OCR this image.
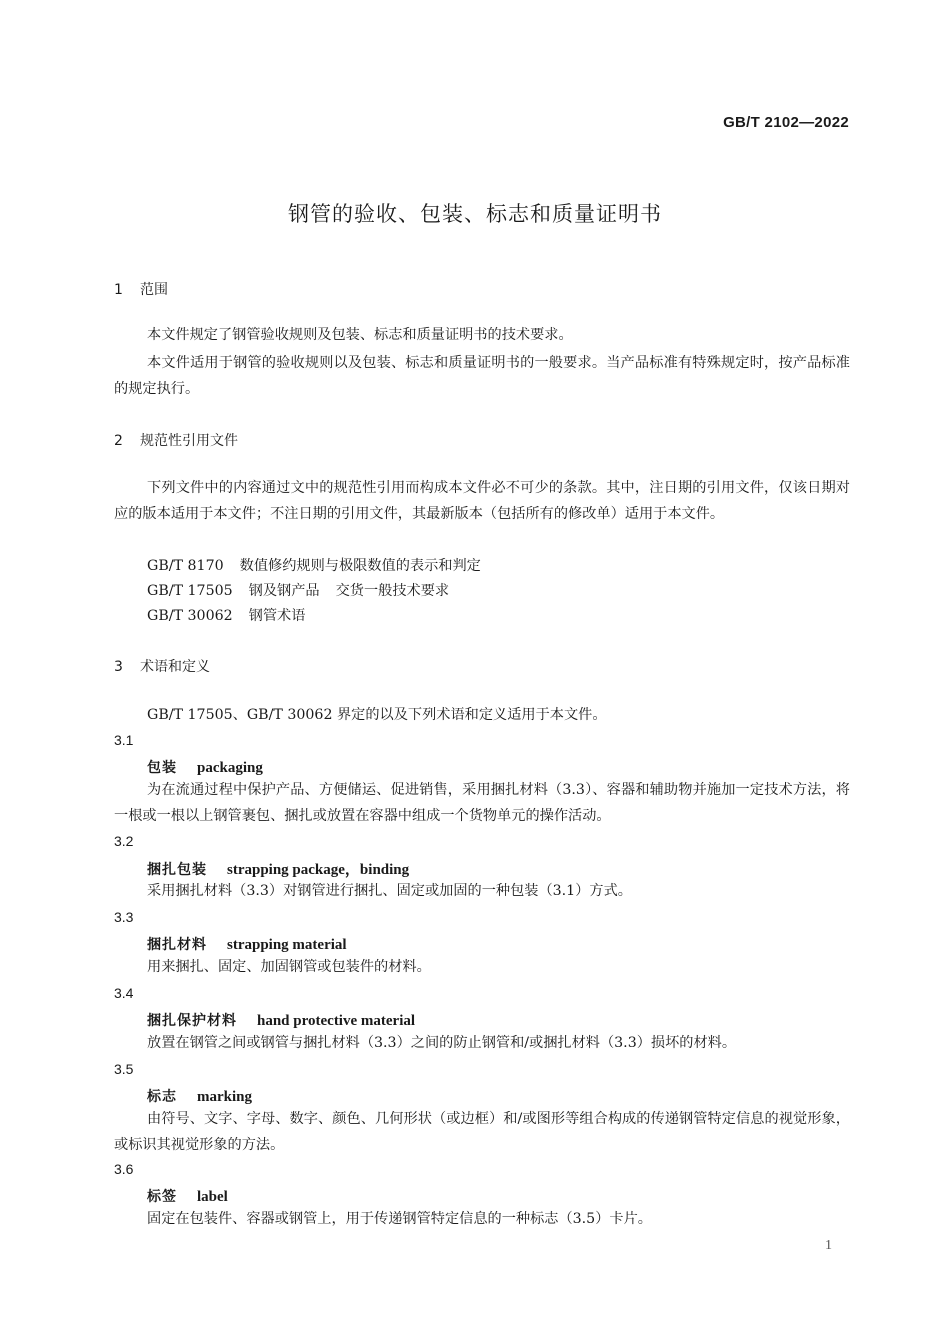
GB/T 2102—2022
钢管的验收、包装、标志和质量证明书
1 范围

本文件规定了钢管验收规则及包装、标志和质量证明书的技术要求。

本文件适用于钢管的验收规则以及包装、标志和质量证明书的一般要求。当产品标准有特殊规定时，按产品标准的规定执行。

2 规范性引用文件

下列文件中的内容通过文中的规范性引用而构成本文件必不可少的条款。其中，注日期的引用文件，仅该日期对应的版本适用于本文件；不注日期的引用文件，其最新版本（包括所有的修改单）适用于本文件。

GB/T 8170 数值修约规则与极限数值的表示和判定
GB/T 17505 钢及钢产品 交货一般技术要求
GB/T 30062 钢管术语
3 术语和定义

GB/T 17505、GB/T 30062 界定的以及下列术语和定义适用于本文件。

3.1
包装 packaging

为在流通过程中保护产品、方便储运、促进销售，采用捆扎材料（3.3）、容器和辅助物并施加一定技术方法，将一根或一根以上钢管裹包、捆扎或放置在容器中组成一个货物单元的操作活动。

3.2
捆扎包装 strapping package，binding

采用捆扎材料（3.3）对钢管进行捆扎、固定或加固的一种包装（3.1）方式。

3.3
捆扎材料 strapping material

用来捆扎、固定、加固钢管或包装件的材料。

3.4
捆扎保护材料 hand protective material

放置在钢管之间或钢管与捆扎材料（3.3）之间的防止钢管和/或捆扎材料（3.3）损坏的材料。

3.5
标志 marking

由符号、文字、字母、数字、颜色、几何形状（或边框）和/或图形等组合构成的传递钢管特定信息的视觉形象，或标识其视觉形象的方法。

3.6
标签 label

固定在包装件、容器或钢管上，用于传递钢管特定信息的一种标志（3.5）卡片。

1
